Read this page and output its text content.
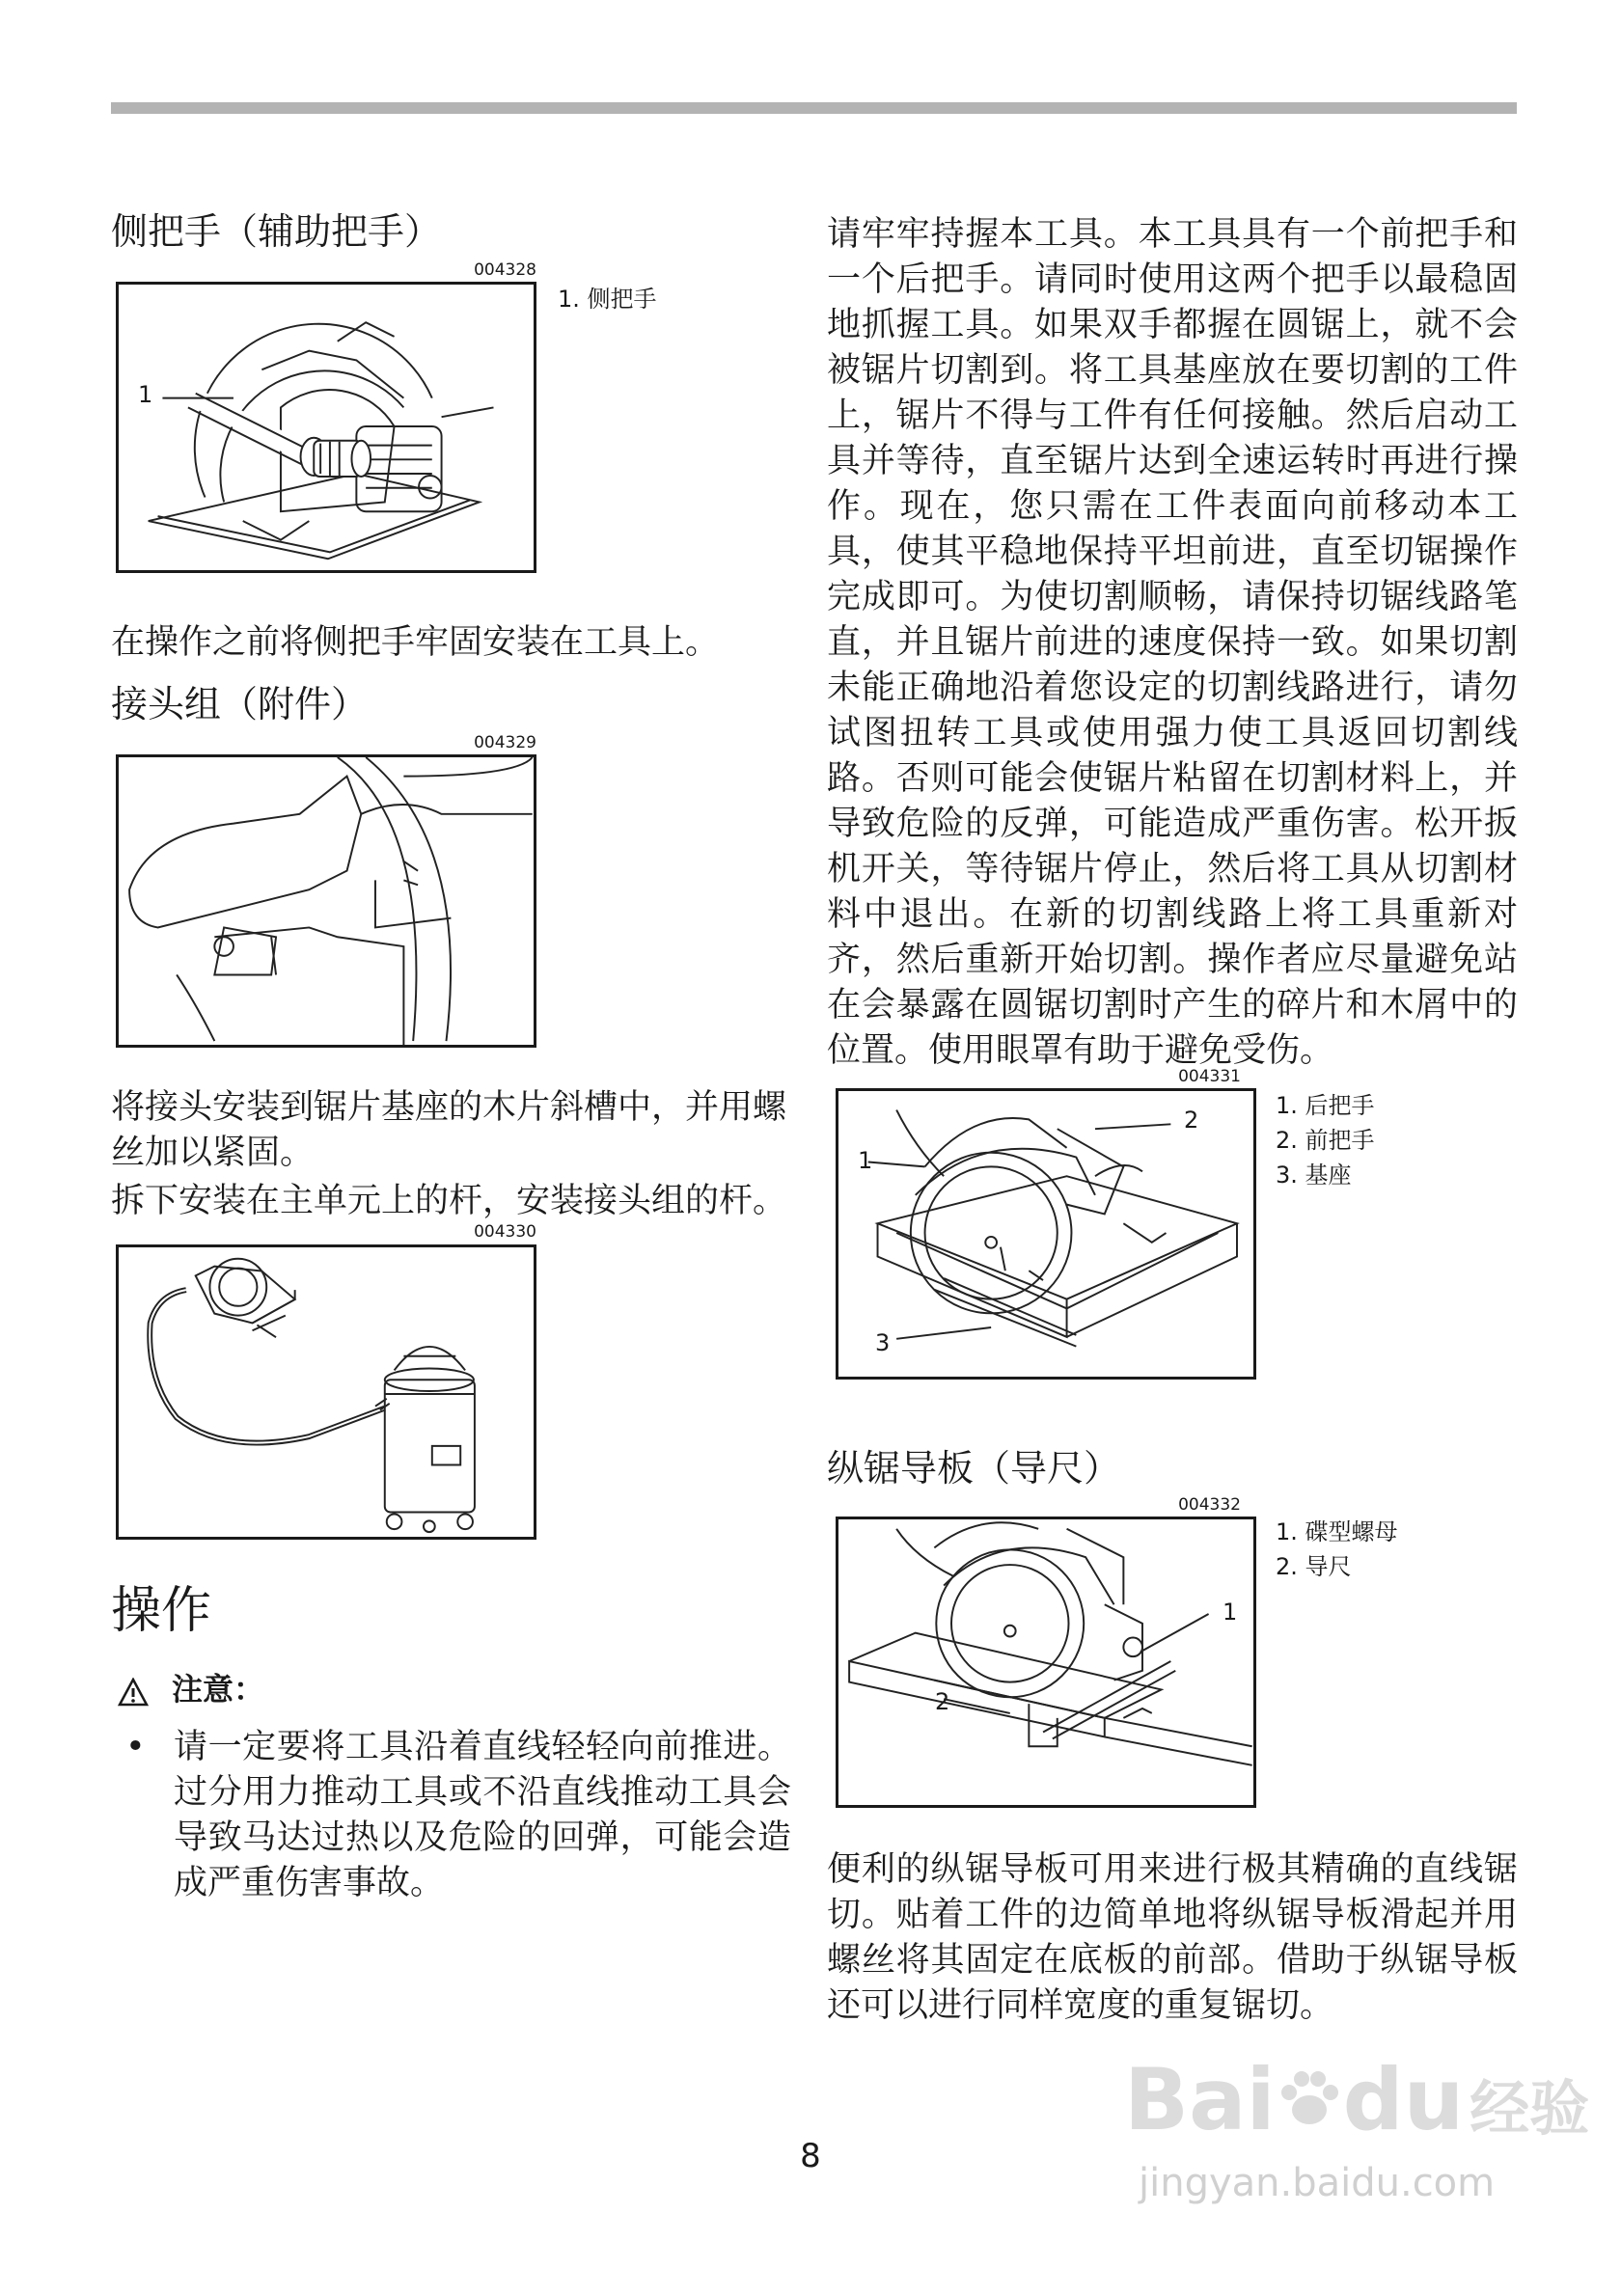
侧把手（辅助把手）
004328
1
1. 侧把手
在操作之前将侧把手牢固安装在工具上。
接头组（附件）
004329
将接头安装到锯片基座的木片斜槽中，并用螺丝加以紧固。
拆下安装在主单元上的杆，安装接头组的杆。
004330
操作
注意：
• 请一定要将工具沿着直线轻轻向前推进。过分用力推动工具或不沿直线推动工具会导致马达过热以及危险的回弹，可能会造成严重伤害事故。
请牢牢持握本工具。本工具具有一个前把手和一个后把手。请同时使用这两个把手以最稳固地抓握工具。如果双手都握在圆锯上，就不会被锯片切割到。将工具基座放在要切割的工件上，锯片不得与工件有任何接触。然后启动工具并等待，直至锯片达到全速运转时再进行操作。现在，您只需在工件表面向前移动本工具，使其平稳地保持平坦前进，直至切锯操作完成即可。为使切割顺畅，请保持切锯线路笔直，并且锯片前进的速度保持一致。如果切割未能正确地沿着您设定的切割线路进行，请勿试图扭转工具或使用强力使工具返回切割线路。否则可能会使锯片粘留在切割材料上，并导致危险的反弹，可能造成严重伤害。松开扳机开关，等待锯片停止，然后将工具从切割材料中退出。在新的切割线路上将工具重新对齐，然后重新开始切割。操作者应尽量避免站在会暴露在圆锯切割时产生的碎片和木屑中的位置。使用眼罩有助于避免受伤。
004331
1
2
3
1. 后把手
2. 前把手
3. 基座
纵锯导板（导尺）
004332
1
2
1. 碟型螺母
2. 导尺
便利的纵锯导板可用来进行极其精确的直线锯切。贴着工件的边简单地将纵锯导板滑起并用螺丝将其固定在底板的前部。借助于纵锯导板还可以进行同样宽度的重复锯切。
8
Bai du经验
jingyan.baidu.com
